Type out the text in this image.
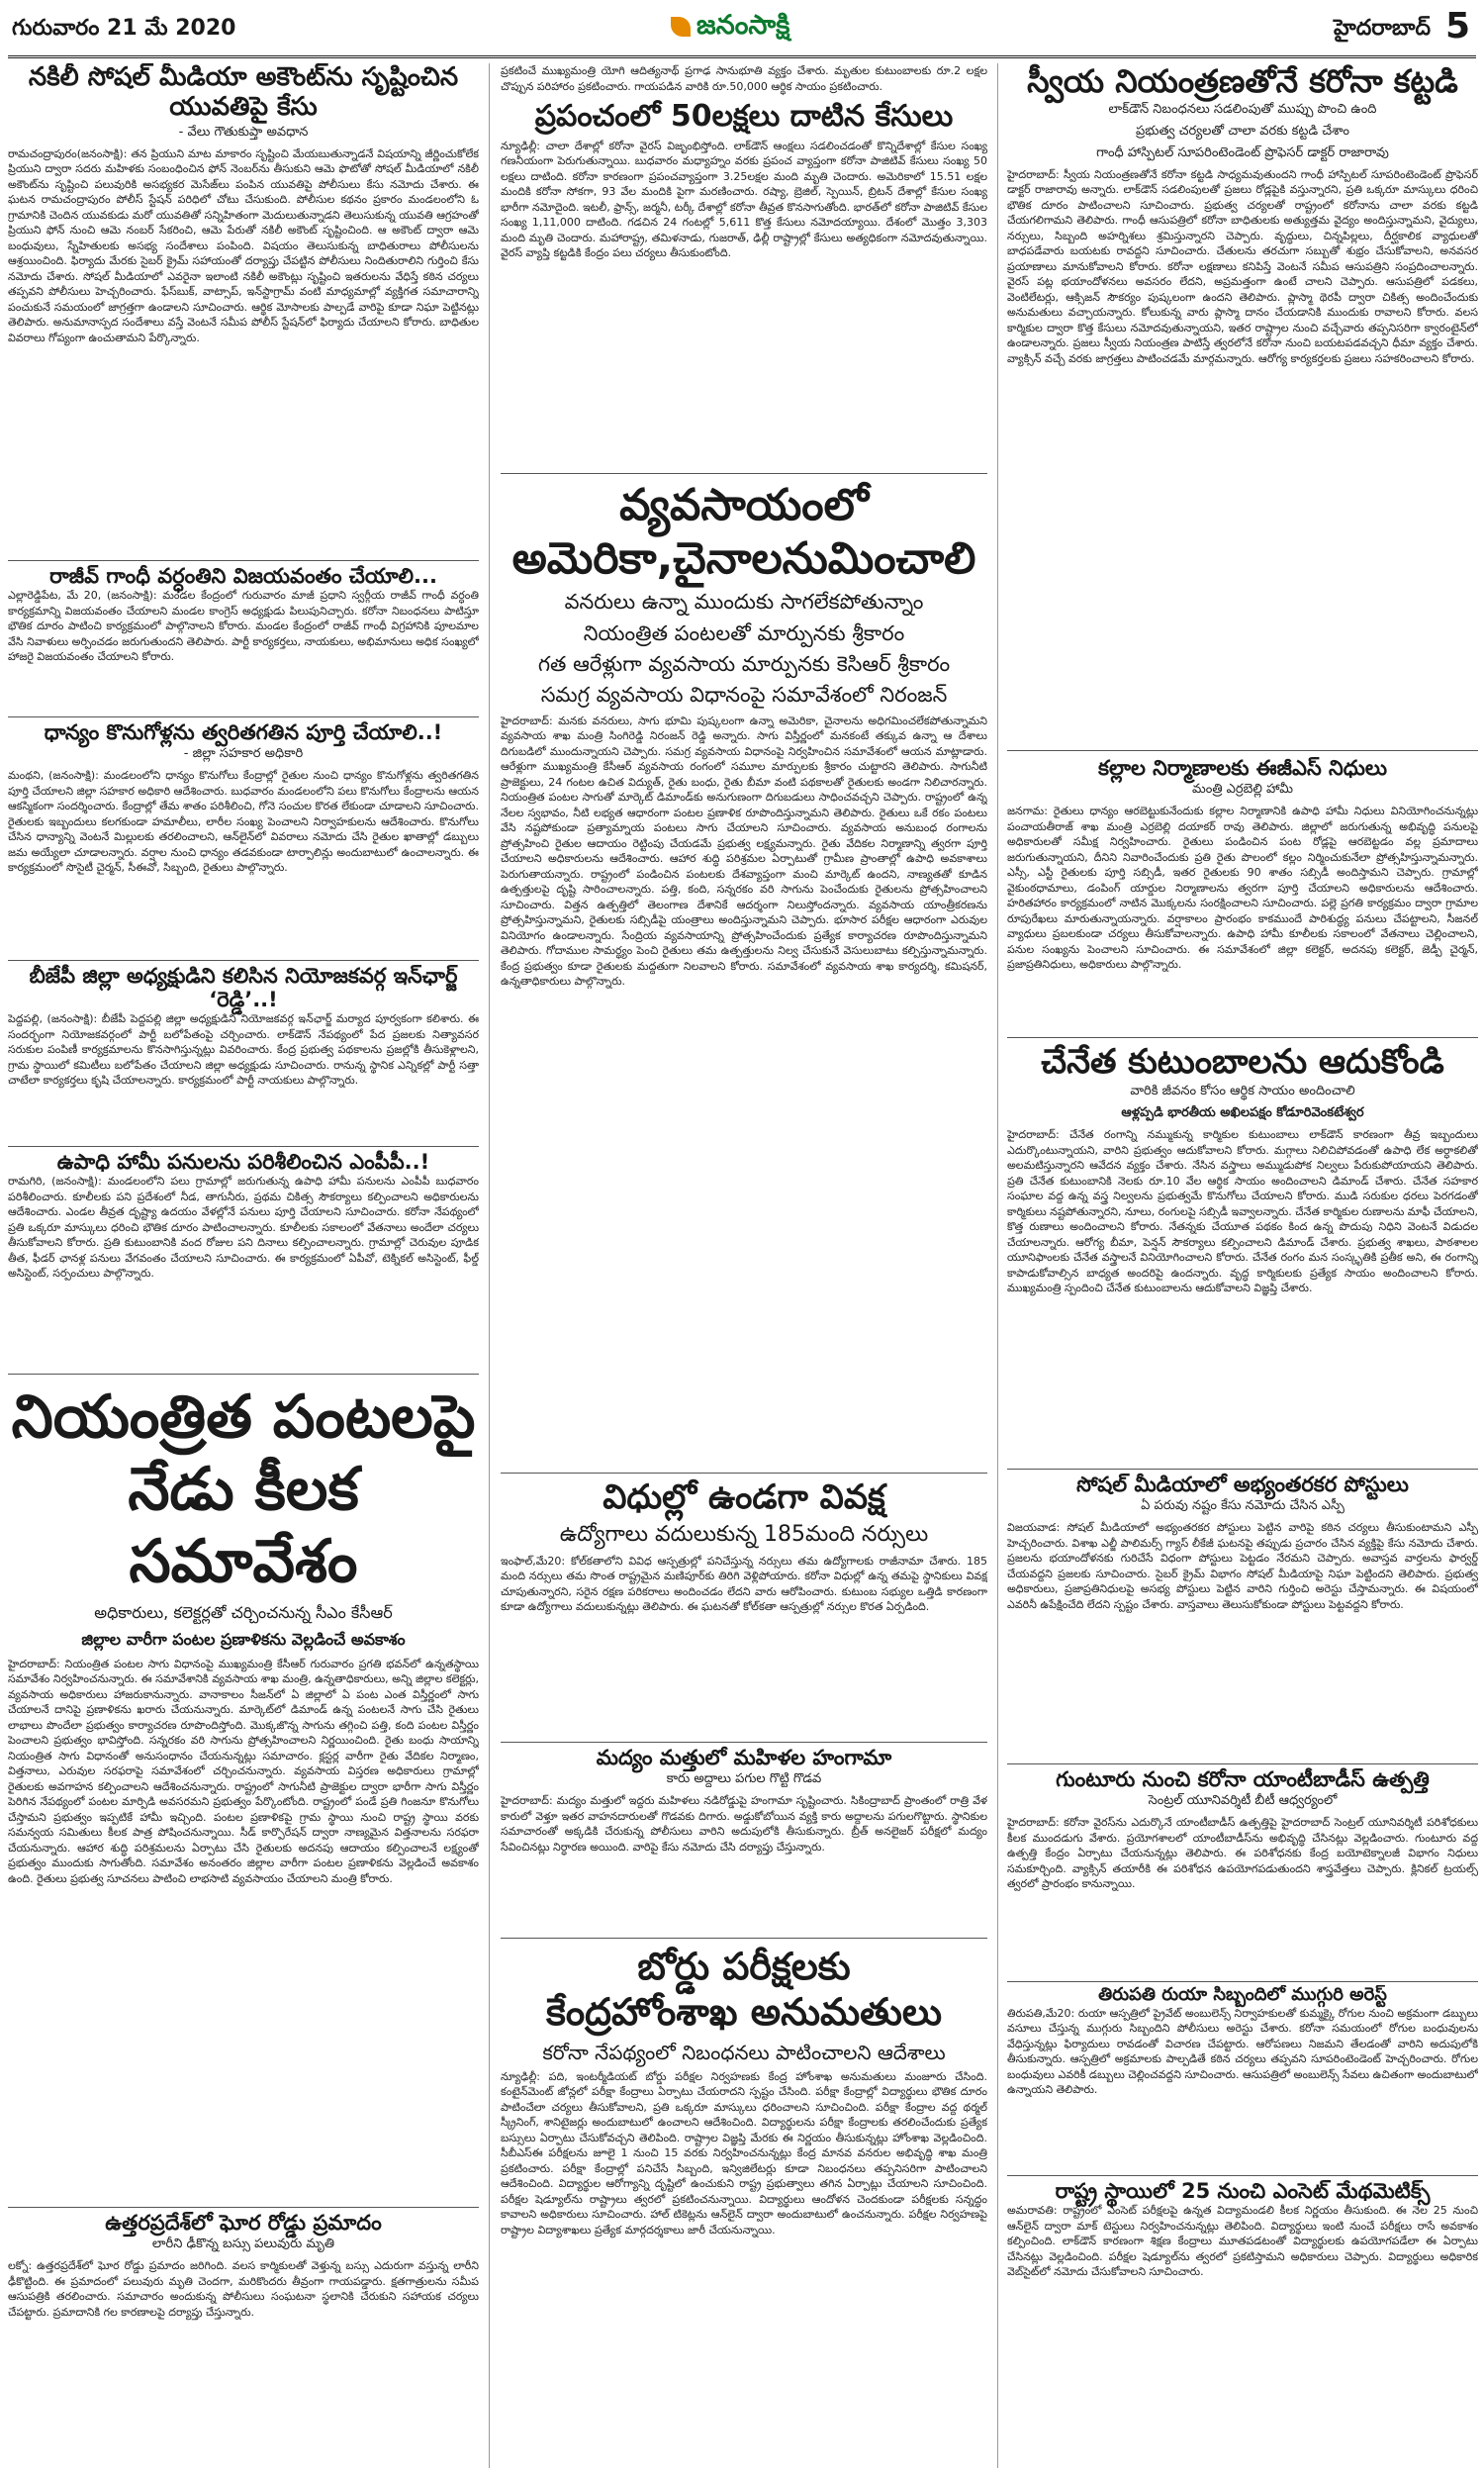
గురువారం 21 మే 2020	జనంసాక్షి	హైదరాబాద్ 5
నకిలీ సోషల్ మీడియా అకౌంట్‌ను సృష్టించిన యువతిపై కేసు
- వేలు గౌతుకుప్తా అవధాన

రామచంద్రాపురం(జనంసాక్షి): తన ప్రియుని మాట మాకారం సృష్టించి మేయబుతున్నాడనే విషయాన్ని జీర్ణించుకోలేక ప్రియుని ద్వారా సదరు మహిళకు సంబంధించిన ఫోన్ నెంబర్‌ను తీసుకుని ఆమె ఫొటోతో సోషల్ మీడియాలో నకిలీ అకౌంట్‌ను సృష్టించి పలువురికి అసభ్యకర మెసేజ్‌లు పంపిన యువతిపై పోలీసులు కేసు నమోదు చేశారు. ఈ ఘటన రామచంద్రాపురం పోలీస్ స్టేషన్ పరిధిలో చోటు చేసుకుంది. పోలీసుల కథనం ప్రకారం మండలంలోని ఓ గ్రామానికి చెందిన యువకుడు మరో యువతితో సన్నిహితంగా మెదులుతున్నాడని తెలుసుకున్న యువతి ఆగ్రహంతో ప్రియుని ఫోన్ నుంచి ఆమె నంబర్ సేకరించి, ఆమె పేరుతో నకిలీ అకౌంట్ సృష్టించింది. ఆ అకౌంట్ ద్వారా ఆమె బంధువులు, స్నేహితులకు అసభ్య సందేశాలు పంపింది. విషయం తెలుసుకున్న బాధితురాలు పోలీసులను ఆశ్రయించింది. ఫిర్యాదు మేరకు సైబర్ క్రైమ్ సహాయంతో దర్యాప్తు చేపట్టిన పోలీసులు నిందితురాలిని గుర్తించి కేసు నమోదు చేశారు. సోషల్ మీడియాలో ఎవరైనా ఇలాంటి నకిలీ అకౌంట్లు సృష్టించి ఇతరులను వేధిస్తే కఠిన చర్యలు తప్పవని పోలీసులు హెచ్చరించారు. ఫేస్‌బుక్, వాట్సాప్, ఇన్‌స్టాగ్రామ్ వంటి మాధ్యమాల్లో వ్యక్తిగత సమాచారాన్ని పంచుకునే సమయంలో జాగ్రత్తగా ఉండాలని సూచించారు. ఆర్థిక మోసాలకు పాల్పడే వారిపై కూడా నిఘా పెట్టినట్లు తెలిపారు. అనుమానాస్పద సందేశాలు వస్తే వెంటనే సమీప పోలీస్ స్టేషన్‌లో ఫిర్యాదు చేయాలని కోరారు. బాధితుల వివరాలు గోప్యంగా ఉంచుతామని పేర్కొన్నారు.

రాజీవ్ గాంధీ వర్ధంతిని విజయవంతం చేయాలి...

ఎల్లారెడ్డిపేట, మే 20, (జనంసాక్షి): మండల కేంద్రంలో గురువారం మాజీ ప్రధాని స్వర్గీయ రాజీవ్ గాంధీ వర్ధంతి కార్యక్రమాన్ని విజయవంతం చేయాలని మండల కాంగ్రెస్ అధ్యక్షుడు పిలుపునిచ్చారు. కరోనా నిబంధనలు పాటిస్తూ భౌతిక దూరం పాటించి కార్యక్రమంలో పాల్గొనాలని కోరారు. మండల కేంద్రంలో రాజీవ్ గాంధీ విగ్రహానికి పూలమాల వేసి నివాళులు అర్పించడం జరుగుతుందని తెలిపారు. పార్టీ కార్యకర్తలు, నాయకులు, అభిమానులు అధిక సంఖ్యలో హాజరై విజయవంతం చేయాలని కోరారు.

ధాన్యం కొనుగోళ్లను త్వరితగతిన పూర్తి చేయాలి..!
- జిల్లా సహకార అధికారి

మంథని, (జనంసాక్షి): మండలంలోని ధాన్యం కొనుగోలు కేంద్రాల్లో రైతుల నుంచి ధాన్యం కొనుగోళ్లను త్వరితగతిన పూర్తి చేయాలని జిల్లా సహకార అధికారి ఆదేశించారు. బుధవారం మండలంలోని పలు కొనుగోలు కేంద్రాలను ఆయన ఆకస్మికంగా సందర్శించారు. కేంద్రాల్లో తేమ శాతం పరిశీలించి, గోనె సంచుల కొరత లేకుండా చూడాలని సూచించారు. రైతులకు ఇబ్బందులు కలగకుండా హమాలీలు, లారీల సంఖ్య పెంచాలని నిర్వాహకులను ఆదేశించారు. కొనుగోలు చేసిన ధాన్యాన్ని వెంటనే మిల్లులకు తరలించాలని, ఆన్‌లైన్‌లో వివరాలు నమోదు చేసి రైతుల ఖాతాల్లో డబ్బులు జమ అయ్యేలా చూడాలన్నారు. వర్షాల నుంచి ధాన్యం తడవకుండా టార్పాలిన్లు అందుబాటులో ఉంచాలన్నారు. ఈ కార్యక్రమంలో సొసైటీ చైర్మన్, సీఈవో, సిబ్బంది, రైతులు పాల్గొన్నారు.

బీజేపీ జిల్లా అధ్యక్షుడిని కలిసిన నియోజకవర్గ ఇన్‌ఛార్జ్ ‘రెడ్డి’..!

పెద్దపల్లి, (జనంసాక్షి): బీజేపీ పెద్దపల్లి జిల్లా అధ్యక్షుడిని నియోజకవర్గ ఇన్‌ఛార్జ్ మర్యాద పూర్వకంగా కలిశారు. ఈ సందర్భంగా నియోజకవర్గంలో పార్టీ బలోపేతంపై చర్చించారు. లాక్‌డౌన్ నేపథ్యంలో పేద ప్రజలకు నిత్యావసర సరుకుల పంపిణీ కార్యక్రమాలను కొనసాగిస్తున్నట్లు వివరించారు. కేంద్ర ప్రభుత్వ పథకాలను ప్రజల్లోకి తీసుకెళ్లాలని, గ్రామ స్థాయిలో కమిటీలు బలోపేతం చేయాలని జిల్లా అధ్యక్షుడు సూచించారు. రానున్న స్థానిక ఎన్నికల్లో పార్టీ సత్తా చాటేలా కార్యకర్తలు కృషి చేయాలన్నారు. కార్యక్రమంలో పార్టీ నాయకులు పాల్గొన్నారు.

ఉపాధి హామీ పనులను పరిశీలించిన ఎంపీపీ..!

రామగిరి, (జనంసాక్షి): మండలంలోని పలు గ్రామాల్లో జరుగుతున్న ఉపాధి హామీ పనులను ఎంపీపీ బుధవారం పరిశీలించారు. కూలీలకు పని ప్రదేశంలో నీడ, తాగునీరు, ప్రథమ చికిత్స సౌకర్యాలు కల్పించాలని అధికారులను ఆదేశించారు. ఎండల తీవ్రత దృష్ట్యా ఉదయం వేళల్లోనే పనులు పూర్తి చేయాలని సూచించారు. కరోనా నేపథ్యంలో ప్రతి ఒక్కరూ మాస్కులు ధరించి భౌతిక దూరం పాటించాలన్నారు. కూలీలకు సకాలంలో వేతనాలు అందేలా చర్యలు తీసుకోవాలని కోరారు. ప్రతి కుటుంబానికి వంద రోజుల పని దినాలు కల్పించాలన్నారు. గ్రామాల్లో చెరువుల పూడిక తీత, ఫీడర్ ఛానళ్ల పనులు వేగవంతం చేయాలని సూచించారు. ఈ కార్యక్రమంలో ఏపీవో, టెక్నికల్ అసిస్టెంట్, ఫీల్డ్ అసిస్టెంట్, సర్పంచులు పాల్గొన్నారు.

నియంత్రిత పంటలపై నేడు కీలక సమావేశం
అధికారులు, కలెక్టర్లతో చర్చించనున్న సీఎం కేసీఆర్
జిల్లాల వారీగా పంటల ప్రణాళికను వెల్లడించే అవకాశం

హైదరాబాద్: నియంత్రిత పంటల సాగు విధానంపై ముఖ్యమంత్రి కేసీఆర్ గురువారం ప్రగతి భవన్‌లో ఉన్నతస్థాయి సమావేశం నిర్వహించనున్నారు. ఈ సమావేశానికి వ్యవసాయ శాఖ మంత్రి, ఉన్నతాధికారులు, అన్ని జిల్లాల కలెక్టర్లు, వ్యవసాయ అధికారులు హాజరుకానున్నారు. వానాకాలం సీజన్‌లో ఏ జిల్లాలో ఏ పంట ఎంత విస్తీర్ణంలో సాగు చేయాలనే దానిపై ప్రణాళికను ఖరారు చేయనున్నారు. మార్కెట్‌లో డిమాండ్ ఉన్న పంటలనే సాగు చేసి రైతులు లాభాలు పొందేలా ప్రభుత్వం కార్యాచరణ రూపొందిస్తోంది. మొక్కజొన్న సాగును తగ్గించి పత్తి, కంది పంటల విస్తీర్ణం పెంచాలని ప్రభుత్వం భావిస్తోంది. సన్నరకం వరి సాగును ప్రోత్సహించాలని నిర్ణయించింది. రైతు బంధు సాయాన్ని నియంత్రిత సాగు విధానంతో అనుసంధానం చేయనున్నట్లు సమాచారం. క్లస్టర్ల వారీగా రైతు వేదికల నిర్మాణం, విత్తనాలు, ఎరువుల సరఫరాపై సమావేశంలో చర్చించనున్నారు. వ్యవసాయ విస్తరణ అధికారులు గ్రామాల్లో రైతులకు అవగాహన కల్పించాలని ఆదేశించనున్నారు. రాష్ట్రంలో సాగునీటి ప్రాజెక్టుల ద్వారా భారీగా సాగు విస్తీర్ణం పెరిగిన నేపథ్యంలో పంటల మార్పిడి అవసరమని ప్రభుత్వం పేర్కొంటోంది. రాష్ట్రంలో పండే ప్రతి గింజనూ కొనుగోలు చేస్తామని ప్రభుత్వం ఇప్పటికే హామీ ఇచ్చింది. పంటల ప్రణాళికపై గ్రామ స్థాయి నుంచి రాష్ట్ర స్థాయి వరకు సమన్వయ సమితులు కీలక పాత్ర పోషించనున్నాయి. సీడ్ కార్పొరేషన్ ద్వారా నాణ్యమైన విత్తనాలను సరఫరా చేయనున్నారు. ఆహార శుద్ధి పరిశ్రమలను ఏర్పాటు చేసి రైతులకు అదనపు ఆదాయం కల్పించాలనే లక్ష్యంతో ప్రభుత్వం ముందుకు సాగుతోంది. సమావేశం అనంతరం జిల్లాల వారీగా పంటల ప్రణాళికను వెల్లడించే అవకాశం ఉంది. రైతులు ప్రభుత్వ సూచనలు పాటించి లాభసాటి వ్యవసాయం చేయాలని మంత్రి కోరారు.

ఉత్తరప్రదేశ్‌లో ఘోర రోడ్డు ప్రమాదం
లారీని ఢీకొన్న బస్సు పలువురు మృతి

లక్నో: ఉత్తరప్రదేశ్‌లో ఘోర రోడ్డు ప్రమాదం జరిగింది. వలస కార్మికులతో వెళ్తున్న బస్సు ఎదురుగా వస్తున్న లారీని ఢీకొట్టింది. ఈ ప్రమాదంలో పలువురు మృతి చెందగా, మరికొందరు తీవ్రంగా గాయపడ్డారు. క్షతగాత్రులను సమీప ఆసుపత్రికి తరలించారు. సమాచారం అందుకున్న పోలీసులు సంఘటనా స్థలానికి చేరుకుని సహాయక చర్యలు చేపట్టారు. ప్రమాదానికి గల కారణాలపై దర్యాప్తు చేస్తున్నారు.

ప్రకటించే ముఖ్యమంత్రి యోగి ఆదిత్యనాథ్ ప్రగాఢ సానుభూతి వ్యక్తం చేశారు. మృతుల కుటుంబాలకు రూ.2 లక్షల చొప్పున పరిహారం ప్రకటించారు. గాయపడిన వారికి రూ.50,000 ఆర్థిక సాయం ప్రకటించారు.

ప్రపంచంలో 50లక్షలు దాటిన కేసులు

న్యూఢిల్లీ: చాలా దేశాల్లో కరోనా వైరస్ విజృంభిస్తోంది. లాక్‌డౌన్ ఆంక్షలు సడలించడంతో కొన్నిదేశాల్లో కేసుల సంఖ్య గణనీయంగా పెరుగుతున్నాయి. బుధవారం మధ్యాహ్నం వరకు ప్రపంచ వ్యాప్తంగా కరోనా పాజిటివ్ కేసులు సంఖ్య 50 లక్షలు దాటింది. కరోనా కారణంగా ప్రపంచవ్యాప్తంగా 3.25లక్షల మంది మృతి చెందారు. అమెరికాలో 15.51 లక్షల మందికి కరోనా సోకగా, 93 వేల మందికి పైగా మరణించారు. రష్యా, బ్రెజిల్, స్పెయిన్, బ్రిటన్ దేశాల్లో కేసుల సంఖ్య భారీగా నమోదైంది. ఇటలీ, ఫ్రాన్స్, జర్మనీ, టర్కీ దేశాల్లో కరోనా తీవ్రత కొనసాగుతోంది. భారత్‌లో కరోనా పాజిటివ్ కేసుల సంఖ్య 1,11,000 దాటింది. గడచిన 24 గంటల్లో 5,611 కొత్త కేసులు నమోదయ్యాయి. దేశంలో మొత్తం 3,303 మంది మృతి చెందారు. మహారాష్ట్ర, తమిళనాడు, గుజరాత్, ఢిల్లీ రాష్ట్రాల్లో కేసులు అత్యధికంగా నమోదవుతున్నాయి. వైరస్ వ్యాప్తి కట్టడికి కేంద్రం పలు చర్యలు తీసుకుంటోంది.

వ్యవసాయంలో
అమెరికా,చైనాలనుమించాలి
వనరులు ఉన్నా ముందుకు సాగలేకపోతున్నాం
నియంత్రిత పంటలతో మార్పునకు శ్రీకారం
గత ఆరేళ్లుగా వ్యవసాయ మార్పునకు కెసిఆర్ శ్రీకారం
సమగ్ర వ్యవసాయ విధానంపై సమావేశంలో నిరంజన్

హైదరాబాద్: మనకు వనరులు, సాగు భూమి పుష్కలంగా ఉన్నా అమెరికా, చైనాలను అధిగమించలేకపోతున్నామని వ్యవసాయ శాఖ మంత్రి సింగిరెడ్డి నిరంజన్ రెడ్డి అన్నారు. సాగు విస్తీర్ణంలో మనకంటే తక్కువ ఉన్నా ఆ దేశాలు దిగుబడిలో ముందున్నాయని చెప్పారు. సమగ్ర వ్యవసాయ విధానంపై నిర్వహించిన సమావేశంలో ఆయన మాట్లాడారు. ఆరేళ్లుగా ముఖ్యమంత్రి కేసీఆర్ వ్యవసాయ రంగంలో సమూల మార్పులకు శ్రీకారం చుట్టారని తెలిపారు. సాగునీటి ప్రాజెక్టులు, 24 గంటల ఉచిత విద్యుత్, రైతు బంధు, రైతు బీమా వంటి పథకాలతో రైతులకు అండగా నిలిచారన్నారు. నియంత్రిత పంటల సాగుతో మార్కెట్ డిమాండ్‌కు అనుగుణంగా దిగుబడులు సాధించవచ్చని చెప్పారు. రాష్ట్రంలో ఉన్న నేలల స్వభావం, నీటి లభ్యత ఆధారంగా పంటల ప్రణాళిక రూపొందిస్తున్నామని తెలిపారు. రైతులు ఒకే రకం పంటలు వేసి నష్టపోకుండా ప్రత్యామ్నాయ పంటలు సాగు చేయాలని సూచించారు. వ్యవసాయ అనుబంధ రంగాలను ప్రోత్సహించి రైతుల ఆదాయం రెట్టింపు చేయడమే ప్రభుత్వ లక్ష్యమన్నారు. రైతు వేదికల నిర్మాణాన్ని త్వరగా పూర్తి చేయాలని అధికారులను ఆదేశించారు. ఆహార శుద్ధి పరిశ్రమల ఏర్పాటుతో గ్రామీణ ప్రాంతాల్లో ఉపాధి అవకాశాలు పెరుగుతాయన్నారు. రాష్ట్రంలో పండించిన పంటలకు దేశవ్యాప్తంగా మంచి మార్కెట్ ఉందని, నాణ్యతతో కూడిన ఉత్పత్తులపై దృష్టి సారించాలన్నారు. పత్తి, కంది, సన్నరకం వరి సాగును పెంచేందుకు రైతులను ప్రోత్సహించాలని సూచించారు. విత్తన ఉత్పత్తిలో తెలంగాణ దేశానికే ఆదర్శంగా నిలుస్తోందన్నారు. వ్యవసాయ యాంత్రీకరణను ప్రోత్సహిస్తున్నామని, రైతులకు సబ్సిడీపై యంత్రాలు అందిస్తున్నామని చెప్పారు. భూసార పరీక్షల ఆధారంగా ఎరువుల వినియోగం ఉండాలన్నారు. సేంద్రియ వ్యవసాయాన్ని ప్రోత్సహించేందుకు ప్రత్యేక కార్యాచరణ రూపొందిస్తున్నామని తెలిపారు. గోదాముల సామర్థ్యం పెంచి రైతులు తమ ఉత్పత్తులను నిల్వ చేసుకునే వెసులుబాటు కల్పిస్తున్నామన్నారు. కేంద్ర ప్రభుత్వం కూడా రైతులకు మద్దతుగా నిలవాలని కోరారు. సమావేశంలో వ్యవసాయ శాఖ కార్యదర్శి, కమిషనర్, ఉన్నతాధికారులు పాల్గొన్నారు.

విధుల్లో ఉండగా వివక్ష
ఉద్యోగాలు వదులుకున్న 185మంది నర్సులు

ఇంఫాల్,మే20: కోల్‌కతాలోని వివిధ ఆస్పత్రుల్లో పనిచేస్తున్న నర్సులు తమ ఉద్యోగాలకు రాజీనామా చేశారు. 185 మంది నర్సులు తమ సొంత రాష్ట్రమైన మణిపూర్‌కు తిరిగి వెళ్లిపోయారు. కరోనా విధుల్లో ఉన్న తమపై స్థానికులు వివక్ష చూపుతున్నారని, సరైన రక్షణ పరికరాలు అందించడం లేదని వారు ఆరోపించారు. కుటుంబ సభ్యుల ఒత్తిడి కారణంగా కూడా ఉద్యోగాలు వదులుకున్నట్లు తెలిపారు. ఈ ఘటనతో కోల్‌కతా ఆస్పత్రుల్లో నర్సుల కొరత ఏర్పడింది.

మద్యం మత్తులో మహిళల హంగామా
కారు అద్దాలు పగుల గొట్టి గొడవ

హైదరాబాద్: మద్యం మత్తులో ఇద్దరు మహిళలు నడిరోడ్డుపై హంగామా సృష్టించారు. సికింద్రాబాద్ ప్రాంతంలో రాత్రి వేళ కారులో వెళ్తూ ఇతర వాహనదారులతో గొడవకు దిగారు. అడ్డుకోబోయిన వ్యక్తి కారు అద్దాలను పగులగొట్టారు. స్థానికుల సమాచారంతో అక్కడికి చేరుకున్న పోలీసులు వారిని అదుపులోకి తీసుకున్నారు. బ్రీత్ అనలైజర్ పరీక్షలో మద్యం సేవించినట్లు నిర్ధారణ అయింది. వారిపై కేసు నమోదు చేసి దర్యాప్తు చేస్తున్నారు.

బోర్డు పరీక్షలకు
కేంద్రహోంశాఖ అనుమతులు
కరోనా నేపథ్యంలో నిబంధనలు పాటించాలని ఆదేశాలు

న్యూఢిల్లీ: పది, ఇంటర్మీడియట్ బోర్డు పరీక్షల నిర్వహణకు కేంద్ర హోంశాఖ అనుమతులు మంజూరు చేసింది. కంటైన్‌మెంట్ జోన్లలో పరీక్షా కేంద్రాలు ఏర్పాటు చేయరాదని స్పష్టం చేసింది. పరీక్షా కేంద్రాల్లో విద్యార్థులు భౌతిక దూరం పాటించేలా చర్యలు తీసుకోవాలని, ప్రతి ఒక్కరూ మాస్కులు ధరించాలని సూచించింది. పరీక్షా కేంద్రాల వద్ద థర్మల్ స్క్రీనింగ్, శానిటైజర్లు అందుబాటులో ఉంచాలని ఆదేశించింది. విద్యార్థులను పరీక్షా కేంద్రాలకు తరలించేందుకు ప్రత్యేక బస్సులు ఏర్పాటు చేసుకోవచ్చని తెలిపింది. రాష్ట్రాల విజ్ఞప్తి మేరకు ఈ నిర్ణయం తీసుకున్నట్లు హోంశాఖ వెల్లడించింది. సీబీఎస్ఈ పరీక్షలను జూలై 1 నుంచి 15 వరకు నిర్వహించనున్నట్లు కేంద్ర మానవ వనరుల అభివృద్ధి శాఖ మంత్రి ప్రకటించారు. పరీక్షా కేంద్రాల్లో పనిచేసే సిబ్బంది, ఇన్విజిలేటర్లు కూడా నిబంధనలు తప్పనిసరిగా పాటించాలని ఆదేశించింది. విద్యార్థుల ఆరోగ్యాన్ని దృష్టిలో ఉంచుకుని రాష్ట్ర ప్రభుత్వాలు తగిన ఏర్పాట్లు చేయాలని సూచించింది. పరీక్షల షెడ్యూల్‌ను రాష్ట్రాలు త్వరలో ప్రకటించనున్నాయి. విద్యార్థులు ఆందోళన చెందకుండా పరీక్షలకు సన్నద్ధం కావాలని అధికారులు సూచించారు. హాల్ టికెట్లను ఆన్‌లైన్ ద్వారా అందుబాటులో ఉంచనున్నారు. పరీక్షల నిర్వహణపై రాష్ట్రాల విద్యాశాఖలు ప్రత్యేక మార్గదర్శకాలు జారీ చేయనున్నాయి.

స్వీయ నియంత్రణతోనే కరోనా కట్టడి
లాక్‌డౌన్ నిబంధనలు సడలింపుతో ముప్పు పొంచి ఉంది
ప్రభుత్వ చర్యలతో చాలా వరకు కట్టడి చేశాం
గాంధీ హాస్పిటల్ సూపరింటెండెంట్ ప్రొఫెసర్ డాక్టర్ రాజారావు

హైదరాబాద్: స్వీయ నియంత్రణతోనే కరోనా కట్టడి సాధ్యమవుతుందని గాంధీ హాస్పిటల్ సూపరింటెండెంట్ ప్రొఫెసర్ డాక్టర్ రాజారావు అన్నారు. లాక్‌డౌన్ సడలింపులతో ప్రజలు రోడ్లపైకి వస్తున్నారని, ప్రతి ఒక్కరూ మాస్కులు ధరించి భౌతిక దూరం పాటించాలని సూచించారు. ప్రభుత్వ చర్యలతో రాష్ట్రంలో కరోనాను చాలా వరకు కట్టడి చేయగలిగామని తెలిపారు. గాంధీ ఆసుపత్రిలో కరోనా బాధితులకు అత్యుత్తమ వైద్యం అందిస్తున్నామని, వైద్యులు, నర్సులు, సిబ్బంది అహర్నిశలు శ్రమిస్తున్నారని చెప్పారు. వృద్ధులు, చిన్నపిల్లలు, దీర్ఘకాలిక వ్యాధులతో బాధపడేవారు బయటకు రావద్దని సూచించారు. చేతులను తరచుగా సబ్బుతో శుభ్రం చేసుకోవాలని, అనవసర ప్రయాణాలు మానుకోవాలని కోరారు. కరోనా లక్షణాలు కనిపిస్తే వెంటనే సమీప ఆసుపత్రిని సంప్రదించాలన్నారు. వైరస్ పట్ల భయాందోళనలు అవసరం లేదని, అప్రమత్తంగా ఉంటే చాలని చెప్పారు. ఆసుపత్రిలో పడకలు, వెంటిలేటర్లు, ఆక్సిజన్ సౌకర్యం పుష్కలంగా ఉందని తెలిపారు. ప్లాస్మా థెరపీ ద్వారా చికిత్స అందించేందుకు అనుమతులు వచ్చాయన్నారు. కోలుకున్న వారు ప్లాస్మా దానం చేయడానికి ముందుకు రావాలని కోరారు. వలస కార్మికుల ద్వారా కొత్త కేసులు నమోదవుతున్నాయని, ఇతర రాష్ట్రాల నుంచి వచ్చేవారు తప్పనిసరిగా క్వారంటైన్‌లో ఉండాలన్నారు. ప్రజలు స్వీయ నియంత్రణ పాటిస్తే త్వరలోనే కరోనా నుంచి బయటపడవచ్చని ధీమా వ్యక్తం చేశారు. వ్యాక్సిన్ వచ్చే వరకు జాగ్రత్తలు పాటించడమే మార్గమన్నారు. ఆరోగ్య కార్యకర్తలకు ప్రజలు సహకరించాలని కోరారు.

కల్లాల నిర్మాణాలకు ఈజీఎస్ నిధులు
మంత్రి ఎర్రబెల్లి హామీ

జనగామ: రైతులు ధాన్యం ఆరబెట్టుకునేందుకు కల్లాల నిర్మాణానికి ఉపాధి హామీ నిధులు వినియోగించనున్నట్లు పంచాయతీరాజ్ శాఖ మంత్రి ఎర్రబెల్లి దయాకర్ రావు తెలిపారు. జిల్లాలో జరుగుతున్న అభివృద్ధి పనులపై అధికారులతో సమీక్ష నిర్వహించారు. రైతులు పండించిన పంట రోడ్లపై ఆరబెట్టడం వల్ల ప్రమాదాలు జరుగుతున్నాయని, దీనిని నివారించేందుకు ప్రతి రైతు పొలంలో కల్లం నిర్మించుకునేలా ప్రోత్సహిస్తున్నామన్నారు. ఎస్సీ, ఎస్టీ రైతులకు పూర్తి సబ్సిడీ, ఇతర రైతులకు 90 శాతం సబ్సిడీ అందిస్తామని చెప్పారు. గ్రామాల్లో వైకుంఠధామాలు, డంపింగ్ యార్డుల నిర్మాణాలను త్వరగా పూర్తి చేయాలని అధికారులను ఆదేశించారు. హరితహారం కార్యక్రమంలో నాటిన మొక్కలను సంరక్షించాలని సూచించారు. పల్లె ప్రగతి కార్యక్రమం ద్వారా గ్రామాల రూపురేఖలు మారుతున్నాయన్నారు. వర్షాకాలం ప్రారంభం కాకముందే పారిశుద్ధ్య పనులు చేపట్టాలని, సీజనల్ వ్యాధులు ప్రబలకుండా చర్యలు తీసుకోవాలన్నారు. ఉపాధి హామీ కూలీలకు సకాలంలో వేతనాలు చెల్లించాలని, పనుల సంఖ్యను పెంచాలని సూచించారు. ఈ సమావేశంలో జిల్లా కలెక్టర్, అదనపు కలెక్టర్, జెడ్పీ చైర్మన్, ప్రజాప్రతినిధులు, అధికారులు పాల్గొన్నారు.

చేనేత కుటుంబాలను ఆదుకోండి
వారికి జీవనం కోసం ఆర్థిక సాయం అందించాలి
ఆళ్లప్పడి భారతీయ అఖిలపక్షం కోడూరివెంకటేశ్వర

హైదరాబాద్: చేనేత రంగాన్ని నమ్ముకున్న కార్మికుల కుటుంబాలు లాక్‌డౌన్ కారణంగా తీవ్ర ఇబ్బందులు ఎదుర్కొంటున్నాయని, వారిని ప్రభుత్వం ఆదుకోవాలని కోరారు. మగ్గాలు నిలిచిపోవడంతో ఉపాధి లేక అర్ధాకలితో అలమటిస్తున్నారని ఆవేదన వ్యక్తం చేశారు. నేసిన వస్త్రాలు అమ్ముడుపోక నిల్వలు పేరుకుపోయాయని తెలిపారు. ప్రతి చేనేత కుటుంబానికి నెలకు రూ.10 వేల ఆర్థిక సాయం అందించాలని డిమాండ్ చేశారు. చేనేత సహకార సంఘాల వద్ద ఉన్న వస్త్ర నిల్వలను ప్రభుత్వమే కొనుగోలు చేయాలని కోరారు. ముడి సరుకుల ధరలు పెరగడంతో కార్మికులు నష్టపోతున్నారని, నూలు, రంగులపై సబ్సిడీ ఇవ్వాలన్నారు. చేనేత కార్మికుల రుణాలను మాఫీ చేయాలని, కొత్త రుణాలు అందించాలని కోరారు. నేతన్నకు చేయూత పథకం కింద ఉన్న పొదుపు నిధిని వెంటనే విడుదల చేయాలన్నారు. ఆరోగ్య బీమా, పెన్షన్ సౌకర్యాలు కల్పించాలని డిమాండ్ చేశారు. ప్రభుత్వ శాఖలు, పాఠశాలల యూనిఫాంలకు చేనేత వస్త్రాలనే వినియోగించాలని కోరారు. చేనేత రంగం మన సంస్కృతికి ప్రతీక అని, ఈ రంగాన్ని కాపాడుకోవాల్సిన బాధ్యత అందరిపై ఉందన్నారు. వృద్ధ కార్మికులకు ప్రత్యేక సాయం అందించాలని కోరారు. ముఖ్యమంత్రి స్పందించి చేనేత కుటుంబాలను ఆదుకోవాలని విజ్ఞప్తి చేశారు.

సోషల్ మీడియాలో అభ్యంతరకర పోస్టులు
ఏ పరువు నష్టం కేసు నమోదు చేసిన ఎస్పీ

విజయవాడ: సోషల్ మీడియాలో అభ్యంతరకర పోస్టులు పెట్టిన వారిపై కఠిన చర్యలు తీసుకుంటామని ఎస్పీ హెచ్చరించారు. విశాఖ ఎల్జీ పాలిమర్స్ గ్యాస్ లీకేజీ ఘటనపై తప్పుడు ప్రచారం చేసిన వ్యక్తిపై కేసు నమోదు చేశారు. ప్రజలను భయాందోళనకు గురిచేసే విధంగా పోస్టులు పెట్టడం నేరమని చెప్పారు. అవాస్తవ వార్తలను ఫార్వర్డ్ చేయవద్దని ప్రజలకు సూచించారు. సైబర్ క్రైమ్ విభాగం సోషల్ మీడియాపై నిఘా పెట్టిందని తెలిపారు. ప్రభుత్వ అధికారులు, ప్రజాప్రతినిధులపై అసభ్య పోస్టులు పెట్టిన వారిని గుర్తించి అరెస్టు చేస్తామన్నారు. ఈ విషయంలో ఎవరినీ ఉపేక్షించేది లేదని స్పష్టం చేశారు. వాస్తవాలు తెలుసుకోకుండా పోస్టులు పెట్టవద్దని కోరారు.

గుంటూరు నుంచి కరోనా యాంటీబాడీస్ ఉత్పత్తి
సెంట్రల్ యూనివర్శిటీ బీటీ ఆధ్వర్యంలో

హైదరాబాద్: కరోనా వైరస్‌ను ఎదుర్కొనే యాంటీబాడీస్ ఉత్పత్తిపై హైదరాబాద్ సెంట్రల్ యూనివర్శిటీ పరిశోధకులు కీలక ముందడుగు వేశారు. ప్రయోగశాలలో యాంటీబాడీస్‌ను అభివృద్ధి చేసినట్లు వెల్లడించారు. గుంటూరు వద్ద ఉత్పత్తి కేంద్రం ఏర్పాటు చేయనున్నట్లు తెలిపారు. ఈ పరిశోధనకు కేంద్ర బయోటెక్నాలజీ విభాగం నిధులు సమకూర్చింది. వ్యాక్సిన్ తయారీకి ఈ పరిశోధన ఉపయోగపడుతుందని శాస్త్రవేత్తలు చెప్పారు. క్లినికల్ ట్రయల్స్ త్వరలో ప్రారంభం కానున్నాయి.

తిరుపతి రుయా సిబ్బందిలో ముగ్గురి అరెస్ట్

తిరుపతి,మే20: రుయా ఆస్పత్రిలో ప్రైవేట్ అంబులెన్స్ నిర్వాహకులతో కుమ్మక్కై రోగుల నుంచి అక్రమంగా డబ్బులు వసూలు చేస్తున్న ముగ్గురు సిబ్బందిని పోలీసులు అరెస్టు చేశారు. కరోనా సమయంలో రోగుల బంధువులను వేధిస్తున్నట్లు ఫిర్యాదులు రావడంతో విచారణ చేపట్టారు. ఆరోపణలు నిజమని తేలడంతో వారిని అదుపులోకి తీసుకున్నారు. ఆస్పత్రిలో అక్రమాలకు పాల్పడితే కఠిన చర్యలు తప్పవని సూపరింటెండెంట్ హెచ్చరించారు. రోగుల బంధువులు ఎవరికీ డబ్బులు చెల్లించవద్దని సూచించారు. ఆసుపత్రిలో అంబులెన్స్ సేవలు ఉచితంగా అందుబాటులో ఉన్నాయని తెలిపారు.

రాష్ట్ర స్థాయిలో 25 నుంచి ఎంసెట్ మేథమెటిక్స్

అమరావతి: రాష్ట్రంలో ఎంసెట్ పరీక్షలపై ఉన్నత విద్యామండలి కీలక నిర్ణయం తీసుకుంది. ఈ నెల 25 నుంచి ఆన్‌లైన్ ద్వారా మాక్ టెస్టులు నిర్వహించనున్నట్లు తెలిపింది. విద్యార్థులు ఇంటి నుంచే పరీక్షలు రాసే అవకాశం కల్పించింది. లాక్‌డౌన్ కారణంగా శిక్షణ కేంద్రాలు మూతపడటంతో విద్యార్థులకు ఉపయోగపడేలా ఈ ఏర్పాటు చేసినట్లు వెల్లడించింది. పరీక్షల షెడ్యూల్‌ను త్వరలో ప్రకటిస్తామని అధికారులు చెప్పారు. విద్యార్థులు అధికారిక వెబ్‌సైట్‌లో నమోదు చేసుకోవాలని సూచించారు.
